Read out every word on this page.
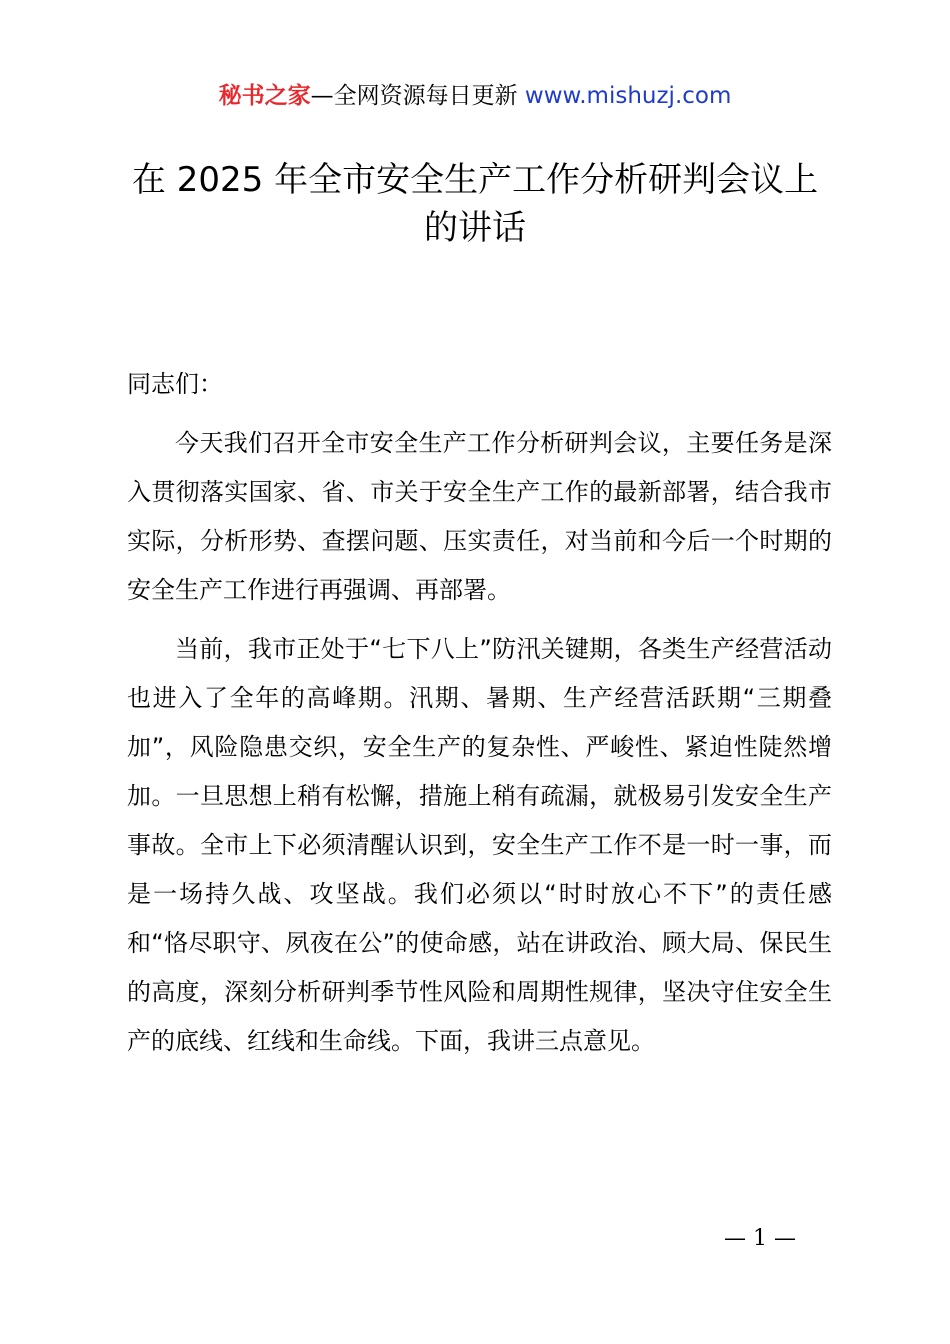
秘书之家—全网资源每日更新 www.mishuzj.com
在 2025 年全市安全生产工作分析研判会议上
的讲话

同志们：

今天我们召开全市安全生产工作分析研判会议，主要任务是深入贯彻落实国家、省、市关于安全生产工作的最新部署，结合我市实际，分析形势、查摆问题、压实责任，对当前和今后一个时期的安全生产工作进行再强调、再部署。

当前，我市正处于“七下八上”防汛关键期，各类生产经营活动也进入了全年的高峰期。汛期、暑期、生产经营活跃期“三期叠加”，风险隐患交织，安全生产的复杂性、严峻性、紧迫性陡然增加。一旦思想上稍有松懈，措施上稍有疏漏，就极易引发安全生产事故。全市上下必须清醒认识到，安全生产工作不是一时一事，而是一场持久战、攻坚战。我们必须以“时时放心不下”的责任感和“恪尽职守、夙夜在公”的使命感，站在讲政治、顾大局、保民生的高度，深刻分析研判季节性风险和周期性规律，坚决守住安全生产的底线、红线和生命线。下面，我讲三点意见。

— 1 —
